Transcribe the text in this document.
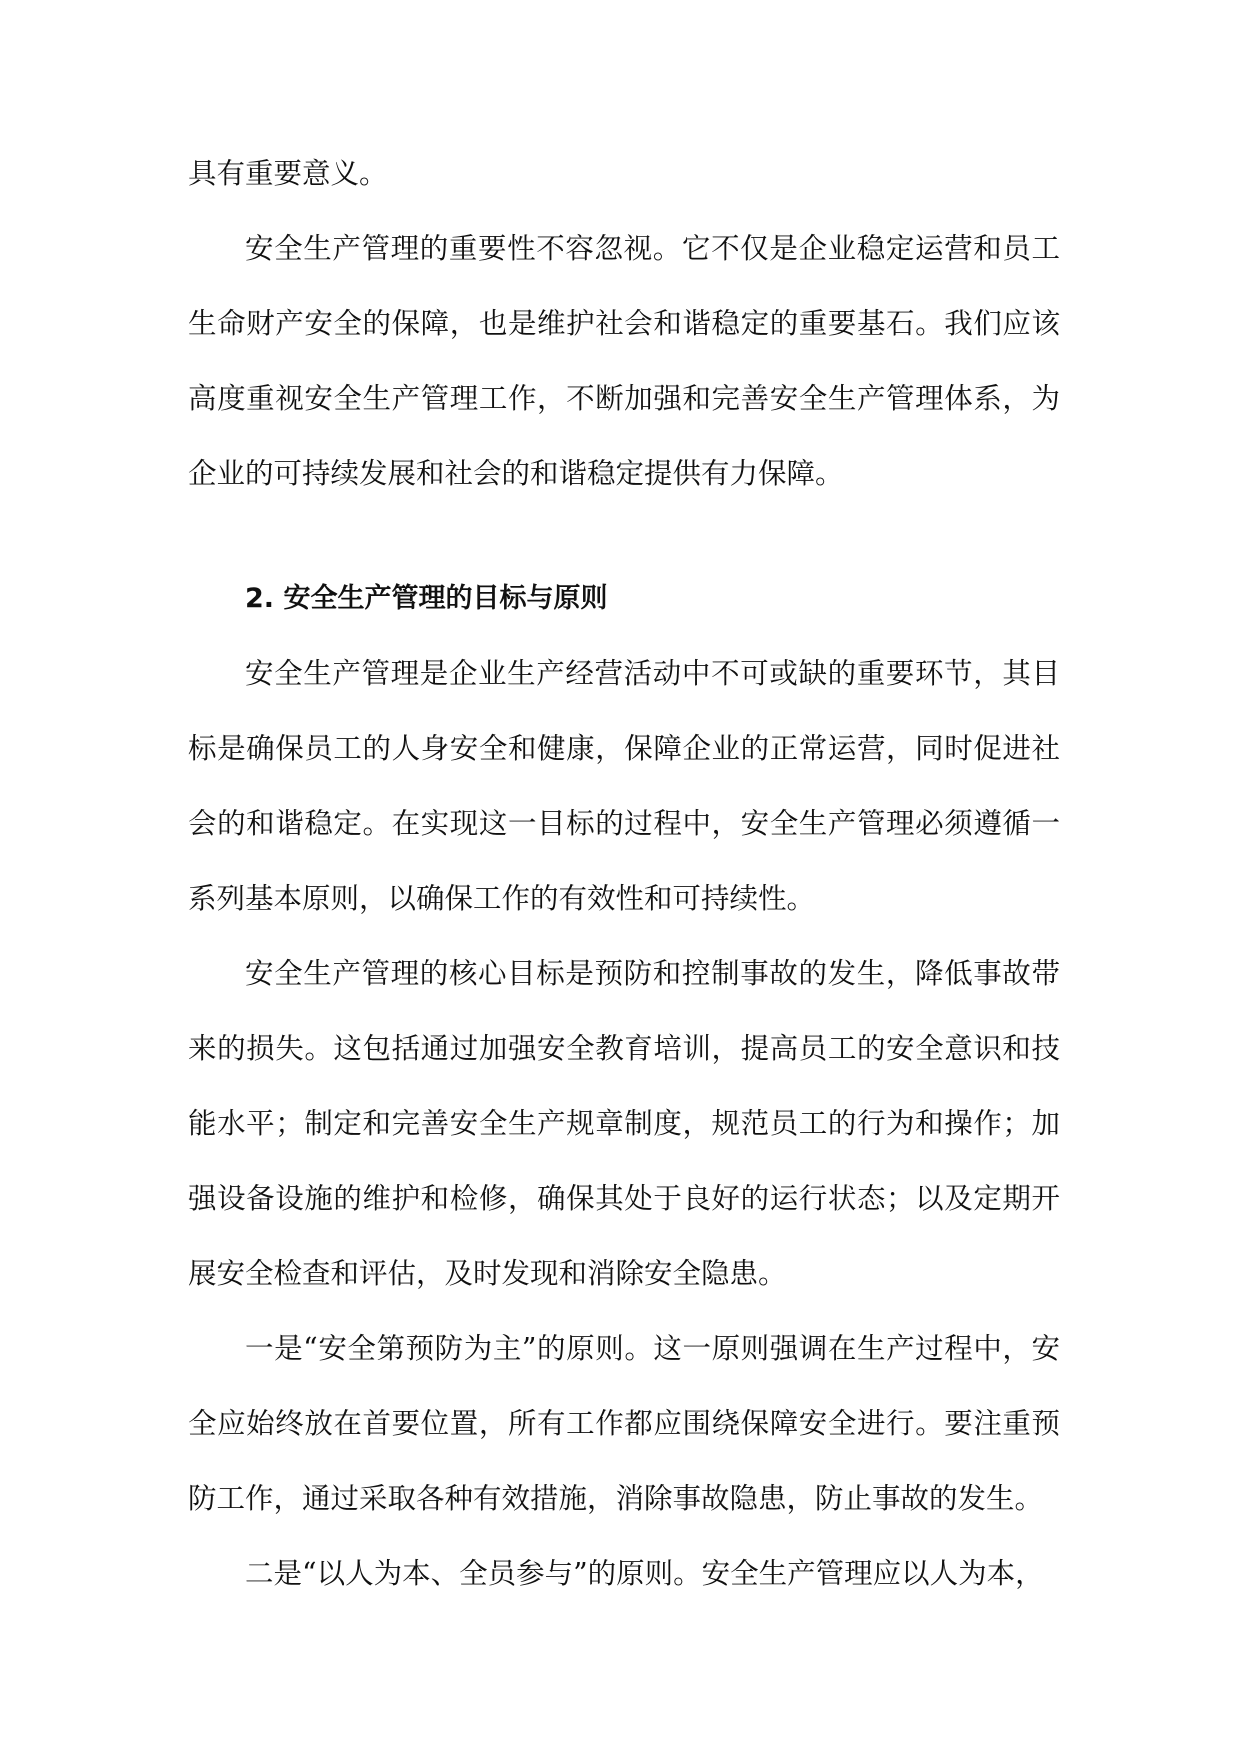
具有重要意义。

安全生产管理的重要性不容忽视。它不仅是企业稳定运营和员工生命财产安全的保障，也是维护社会和谐稳定的重要基石。我们应该高度重视安全生产管理工作，不断加强和完善安全生产管理体系，为企业的可持续发展和社会的和谐稳定提供有力保障。

2. 安全生产管理的目标与原则

安全生产管理是企业生产经营活动中不可或缺的重要环节，其目标是确保员工的人身安全和健康，保障企业的正常运营，同时促进社会的和谐稳定。在实现这一目标的过程中，安全生产管理必须遵循一系列基本原则，以确保工作的有效性和可持续性。

安全生产管理的核心目标是预防和控制事故的发生，降低事故带来的损失。这包括通过加强安全教育培训，提高员工的安全意识和技能水平；制定和完善安全生产规章制度，规范员工的行为和操作；加强设备设施的维护和检修，确保其处于良好的运行状态；以及定期开展安全检查和评估，及时发现和消除安全隐患。

一是“安全第预防为主”的原则。这一原则强调在生产过程中，安全应始终放在首要位置，所有工作都应围绕保障安全进行。要注重预防工作，通过采取各种有效措施，消除事故隐患，防止事故的发生。

二是“以人为本、全员参与”的原则。安全生产管理应以人为本，
